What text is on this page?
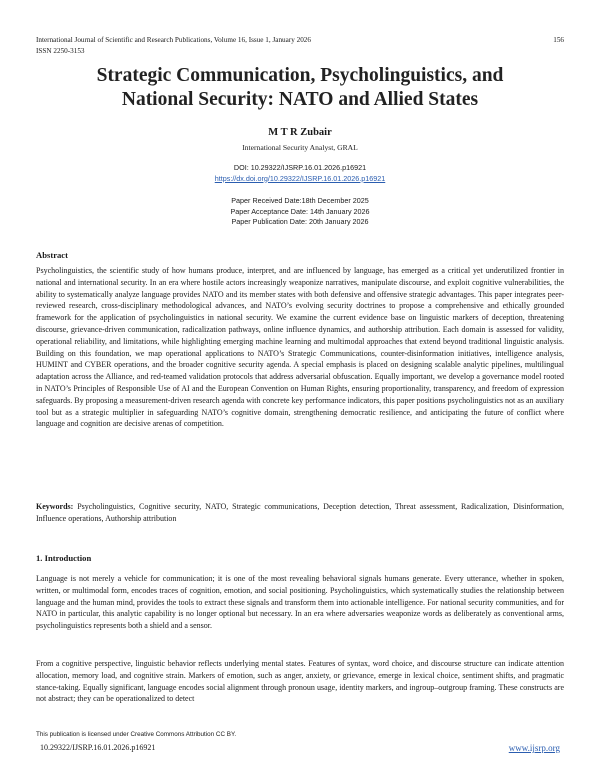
International Journal of Scientific and Research Publications, Volume 16, Issue 1, January 2026
ISSN 2250-3153
156
Strategic Communication, Psycholinguistics, and
National Security: NATO and Allied States
M T R Zubair
International Security Analyst, GRAL
DOI: 10.29322/IJSRP.16.01.2026.p16921
https://dx.doi.org/10.29322/IJSRP.16.01.2026.p16921
Paper Received Date:18th December 2025
Paper Acceptance Date: 14th January 2026
Paper Publication Date: 20th January 2026
Abstract

Psycholinguistics, the scientific study of how humans produce, interpret, and are influenced by language, has emerged as a critical yet underutilized frontier in national and international security. In an era where hostile actors increasingly weaponize narratives, manipulate discourse, and exploit cognitive vulnerabilities, the ability to systematically analyze language provides NATO and its member states with both defensive and offensive strategic advantages. This paper integrates peer-reviewed research, cross-disciplinary methodological advances, and NATO’s evolving security doctrines to propose a comprehensive and ethically grounded framework for the application of psycholinguistics in national security. We examine the current evidence base on linguistic markers of deception, threatening discourse, grievance-driven communication, radicalization pathways, online influence dynamics, and authorship attribution. Each domain is assessed for validity, operational reliability, and limitations, while highlighting emerging machine learning and multimodal approaches that extend beyond traditional linguistic analysis. Building on this foundation, we map operational applications to NATO’s Strategic Communications, counter-disinformation initiatives, intelligence analysis, HUMINT and CYBER operations, and the broader cognitive security agenda. A special emphasis is placed on designing scalable analytic pipelines, multilingual adaptation across the Alliance, and red-teamed validation protocols that address adversarial obfuscation. Equally important, we develop a governance model rooted in NATO’s Principles of Responsible Use of AI and the European Convention on Human Rights, ensuring proportionality, transparency, and freedom of expression safeguards. By proposing a measurement-driven research agenda with concrete key performance indicators, this paper positions psycholinguistics not as an auxiliary tool but as a strategic multiplier in safeguarding NATO’s cognitive domain, strengthening democratic resilience, and anticipating the future of conflict where language and cognition are decisive arenas of competition.

Keywords: Psycholinguistics, Cognitive security, NATO, Strategic communications, Deception detection, Threat assessment, Radicalization, Disinformation, Influence operations, Authorship attribution

1. Introduction

Language is not merely a vehicle for communication; it is one of the most revealing behavioral signals humans generate. Every utterance, whether in spoken, written, or multimodal form, encodes traces of cognition, emotion, and social positioning. Psycholinguistics, which systematically studies the relationship between language and the human mind, provides the tools to extract these signals and transform them into actionable intelligence. For national security communities, and for NATO in particular, this analytic capability is no longer optional but necessary. In an era where adversaries weaponize words as deliberately as conventional arms, psycholinguistics represents both a shield and a sensor.

From a cognitive perspective, linguistic behavior reflects underlying mental states. Features of syntax, word choice, and discourse structure can indicate attention allocation, memory load, and cognitive strain. Markers of emotion, such as anger, anxiety, or grievance, emerge in lexical choice, sentiment shifts, and pragmatic stance-taking. Equally significant, language encodes social alignment through pronoun usage, identity markers, and ingroup–outgroup framing. These constructs are not abstract; they can be operationalized to detect

This publication is licensed under Creative Commons Attribution CC BY.
10.29322/IJSRP.16.01.2026.p16921	www.ijsrp.org
